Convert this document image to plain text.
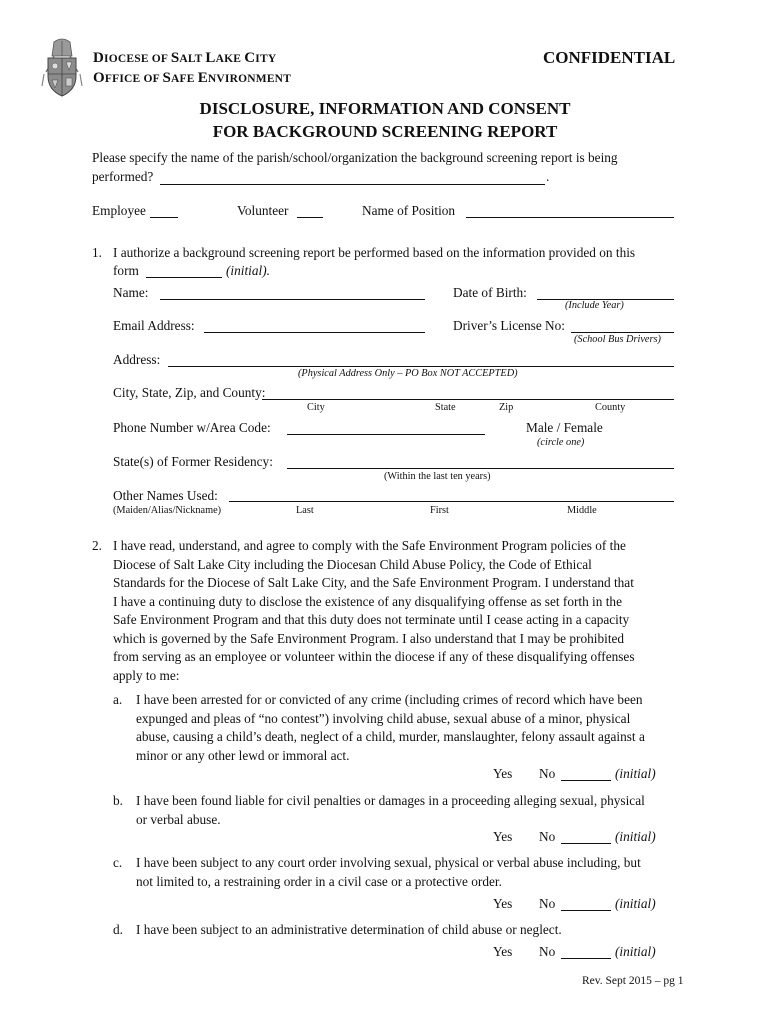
DIOCESE OF SALT LAKE CITY
OFFICE OF SAFE ENVIRONMENT
CONFIDENTIAL
DISCLOSURE, INFORMATION AND CONSENT
FOR BACKGROUND SCREENING REPORT
Please specify the name of the parish/school/organization the background screening report is being
performed?	.
Employee	Volunteer	Name of Position
1. I authorize a background screening report be performed based on the information provided on this
form	(initial).
Name:	Date of Birth:
(Include Year)
Email Address:	Driver’s License No:
(School Bus Drivers)
Address:
(Physical Address Only – PO Box NOT ACCEPTED)
City, State, Zip, and County:
City	State	Zip	County
Phone Number w/Area Code:	Male / Female
(circle one)
State(s) of Former Residency:
(Within the last ten years)
Other Names Used:
(Maiden/Alias/Nickname)	Last	First	Middle
2. I have read, understand, and agree to comply with the Safe Environment Program policies of the
Diocese of Salt Lake City including the Diocesan Child Abuse Policy, the Code of Ethical
Standards for the Diocese of Salt Lake City, and the Safe Environment Program. I understand that
I have a continuing duty to disclose the existence of any disqualifying offense as set forth in the
Safe Environment Program and that this duty does not terminate until I cease acting in a capacity
which is governed by the Safe Environment Program. I also understand that I may be prohibited
from serving as an employee or volunteer within the diocese if any of these disqualifying offenses
apply to me:
a. I have been arrested for or convicted of any crime (including crimes of record which have been
expunged and pleas of “no contest”) involving child abuse, sexual abuse of a minor, physical
abuse, causing a child’s death, neglect of a child, murder, manslaughter, felony assault against a
minor or any other lewd or immoral act.
Yes No	(initial)
b. I have been found liable for civil penalties or damages in a proceeding alleging sexual, physical
or verbal abuse.
Yes No	(initial)
c. I have been subject to any court order involving sexual, physical or verbal abuse including, but
not limited to, a restraining order in a civil case or a protective order.
Yes No	(initial)
d. I have been subject to an administrative determination of child abuse or neglect.
Yes No	(initial)
Rev. Sept 2015 – pg 1
